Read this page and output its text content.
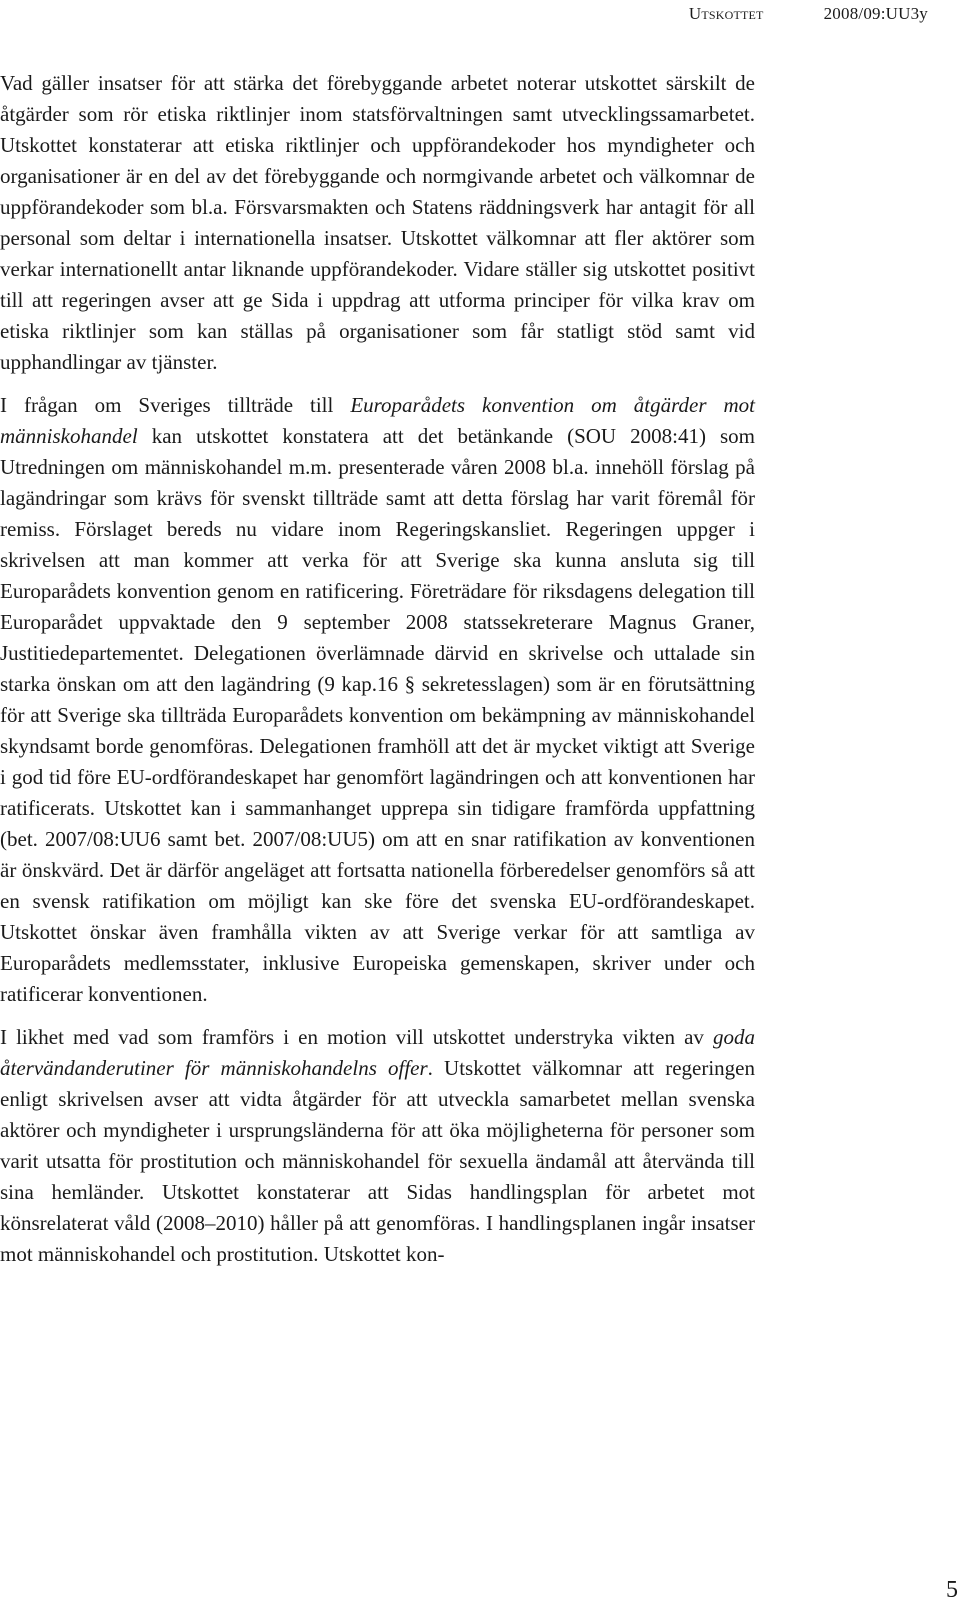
Utskottet	2008/09:UU3y

Vad gäller insatser för att stärka det förebyggande arbetet noterar utskottet särskilt de åtgärder som rör etiska riktlinjer inom statsförvaltningen samt utvecklingssamarbetet. Utskottet konstaterar att etiska riktlinjer och uppförandekoder hos myndigheter och organisationer är en del av det förebyggande och normgivande arbetet och välkomnar de uppförandekoder som bl.a. Försvarsmakten och Statens räddningsverk har antagit för all personal som deltar i internationella insatser. Utskottet välkomnar att fler aktörer som verkar internationellt antar liknande uppförandekoder. Vidare ställer sig utskottet positivt till att regeringen avser att ge Sida i uppdrag att utforma principer för vilka krav om etiska riktlinjer som kan ställas på organisationer som får statligt stöd samt vid upphandlingar av tjänster.

I frågan om Sveriges tillträde till Europarådets konvention om åtgärder mot människohandel kan utskottet konstatera att det betänkande (SOU 2008:41) som Utredningen om människohandel m.m. presenterade våren 2008 bl.a. innehöll förslag på lagändringar som krävs för svenskt tillträde samt att detta förslag har varit föremål för remiss. Förslaget bereds nu vidare inom Regeringskansliet. Regeringen uppger i skrivelsen att man kommer att verka för att Sverige ska kunna ansluta sig till Europarådets konvention genom en ratificering. Företrädare för riksdagens delegation till Europarådet uppvaktade den 9 september 2008 statssekreterare Magnus Graner, Justitiedepartementet. Delegationen överlämnade därvid en skrivelse och uttalade sin starka önskan om att den lagändring (9 kap.16 § sekretesslagen) som är en förutsättning för att Sverige ska tillträda Europarådets konvention om bekämpning av människohandel skyndsamt borde genomföras. Delegationen framhöll att det är mycket viktigt att Sverige i god tid före EU-ordförandeskapet har genomfört lagändringen och att konventionen har ratificerats. Utskottet kan i sammanhanget upprepa sin tidigare framförda uppfattning (bet. 2007/08:UU6 samt bet. 2007/08:UU5) om att en snar ratifikation av konventionen är önskvärd. Det är därför angeläget att fortsatta nationella förberedelser genomförs så att en svensk ratifikation om möjligt kan ske före det svenska EU-ordförandeskapet. Utskottet önskar även framhålla vikten av att Sverige verkar för att samtliga av Europarådets medlemsstater, inklusive Europeiska gemenskapen, skriver under och ratificerar konventionen.

I likhet med vad som framförs i en motion vill utskottet understryka vikten av goda återvändanderutiner för människohandelns offer. Utskottet välkomnar att regeringen enligt skrivelsen avser att vidta åtgärder för att utveckla samarbetet mellan svenska aktörer och myndigheter i ursprungsländerna för att öka möjligheterna för personer som varit utsatta för prostitution och människohandel för sexuella ändamål att återvända till sina hemländer. Utskottet konstaterar att Sidas handlingsplan för arbetet mot könsrelaterat våld (2008–2010) håller på att genomföras. I handlingsplanen ingår insatser mot människohandel och prostitution. Utskottet kon-

5
